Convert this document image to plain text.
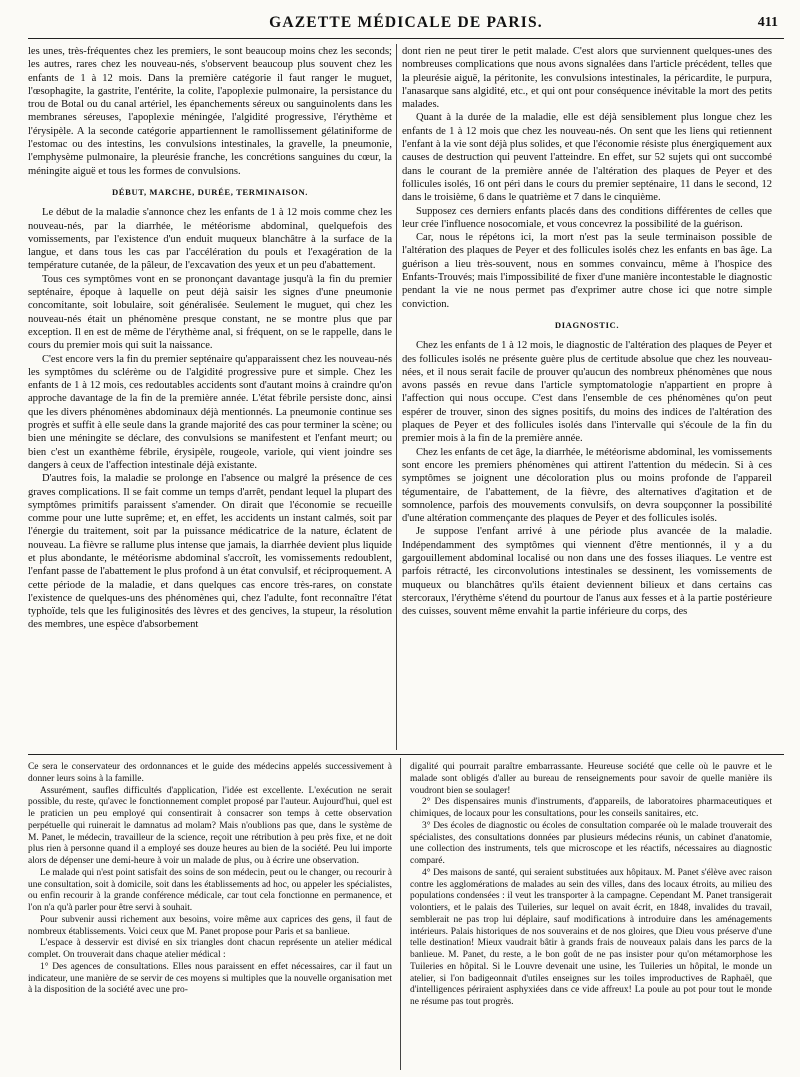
GAZETTE MÉDICALE DE PARIS.	411

les unes, très-fréquentes chez les premiers, le sont beaucoup moins chez les seconds; les autres, rares chez les nouveau-nés, s'observent beaucoup plus souvent chez les enfants de 1 à 12 mois. Dans la première catégorie il faut ranger le muguet, l'œsophagite, la gastrite, l'entérite, la colite, l'apoplexie pulmonaire, la persistance du trou de Botal ou du canal artériel, les épanchements séreux ou sanguinolents dans les membranes séreuses, l'apoplexie méningée, l'algidité progressive, l'érythème et l'érysipèle. A la seconde catégorie appartiennent le ramollissement gélatiniforme de l'estomac ou des intestins, les convulsions intestinales, la gravelle, la pneumonie, l'emphysème pulmonaire, la pleurésie franche, les concrétions sanguines du cœur, la méningite aiguë et tous les formes de convulsions.

DÉBUT, MARCHE, DURÉE, TERMINAISON.

Le début de la maladie s'annonce chez les enfants de 1 à 12 mois comme chez les nouveau-nés, par la diarrhée, le météorisme abdominal, quelquefois des vomissements, par l'existence d'un enduit muqueux blanchâtre à la surface de la langue, et dans tous les cas par l'accélération du pouls et l'exagération de la température cutanée, de la pâleur, de l'excavation des yeux et un peu d'abattement.

Tous ces symptômes vont en se prononçant davantage jusqu'à la fin du premier septénaire, époque à laquelle on peut déjà saisir les signes d'une pneumonie concomitante, soit lobulaire, soit généralisée. Seulement le muguet, qui chez les nouveau-nés était un phénomène presque constant, ne se montre plus que par exception. Il en est de même de l'érythème anal, si fréquent, on se le rappelle, dans le cours du premier mois qui suit la naissance.

C'est encore vers la fin du premier septénaire qu'apparaissent chez les nouveau-nés les symptômes du sclérème ou de l'algidité progressive pure et simple. Chez les enfants de 1 à 12 mois, ces redoutables accidents sont d'autant moins à craindre qu'on approche davantage de la fin de la première année. L'état fébrile persiste donc, ainsi que les divers phénomènes abdominaux déjà mentionnés. La pneumonie continue ses progrès et suffit à elle seule dans la grande majorité des cas pour terminer la scène; ou bien une méningite se déclare, des convulsions se manifestent et l'enfant meurt; ou bien c'est un exanthème fébrile, érysipèle, rougeole, variole, qui vient joindre ses dangers à ceux de l'affection intestinale déjà existante.

D'autres fois, la maladie se prolonge en l'absence ou malgré la présence de ces graves complications. Il se fait comme un temps d'arrêt, pendant lequel la plupart des symptômes primitifs paraissent s'amender. On dirait que l'économie se recueille comme pour une lutte suprême; et, en effet, les accidents un instant calmés, soit par l'énergie du traitement, soit par la puissance médicatrice de la nature, éclatent de nouveau. La fièvre se rallume plus intense que jamais, la diarrhée devient plus liquide et plus abondante, le météorisme abdominal s'accroît, les vomissements redoublent, l'enfant passe de l'abattement le plus profond à un état convulsif, et réciproquement. A cette période de la maladie, et dans quelques cas encore très-rares, on constate l'existence de quelques-uns des phénomènes qui, chez l'adulte, font reconnaître l'état typhoïde, tels que les fuliginosités des lèvres et des gencives, la stupeur, la résolution des membres, une espèce d'absorbement

dont rien ne peut tirer le petit malade. C'est alors que surviennent quelques-unes des nombreuses complications que nous avons signalées dans l'article précédent, telles que la pleurésie aiguë, la péritonite, les convulsions intestinales, la péricardite, le purpura, l'anasarque sans algidité, etc., et qui ont pour conséquence inévitable la mort des petits malades.

Quant à la durée de la maladie, elle est déjà sensiblement plus longue chez les enfants de 1 à 12 mois que chez les nouveau-nés. On sent que les liens qui retiennent l'enfant à la vie sont déjà plus solides, et que l'économie résiste plus énergiquement aux causes de destruction qui peuvent l'atteindre. En effet, sur 52 sujets qui ont succombé dans le courant de la première année de l'altération des plaques de Peyer et des follicules isolés, 16 ont péri dans le cours du premier septénaire, 11 dans le second, 12 dans le troisième, 6 dans le quatrième et 7 dans le cinquième.

Supposez ces derniers enfants placés dans des conditions différentes de celles que leur crée l'influence nosocomiale, et vous concevrez la possibilité de la guérison.

Car, nous le répétons ici, la mort n'est pas la seule terminaison possible de l'altération des plaques de Peyer et des follicules isolés chez les enfants en bas âge. La guérison a lieu très-souvent, nous en sommes convaincu, même à l'hospice des Enfants-Trouvés; mais l'impossibilité de fixer d'une manière incontestable le diagnostic pendant la vie ne nous permet pas d'exprimer autre chose ici que notre simple conviction.

DIAGNOSTIC.

Chez les enfants de 1 à 12 mois, le diagnostic de l'altération des plaques de Peyer et des follicules isolés ne présente guère plus de certitude absolue que chez les nouveau-nées, et il nous serait facile de prouver qu'aucun des nombreux phénomènes que nous avons passés en revue dans l'article symptomatologie n'appartient en propre à l'affection qui nous occupe. C'est dans l'ensemble de ces phénomènes qu'on peut espérer de trouver, sinon des signes positifs, du moins des indices de l'altération des plaques de Peyer et des follicules isolés dans l'intervalle qui s'écoule de la fin du premier mois à la fin de la première année.

Chez les enfants de cet âge, la diarrhée, le météorisme abdominal, les vomissements sont encore les premiers phénomènes qui attirent l'attention du médecin. Si à ces symptômes se joignent une décoloration plus ou moins profonde de l'appareil tégumentaire, de l'abattement, de la fièvre, des alternatives d'agitation et de somnolence, parfois des mouvements convulsifs, on devra soupçonner la possibilité d'une altération commençante des plaques de Peyer et des follicules isolés.

Je suppose l'enfant arrivé à une période plus avancée de la maladie. Indépendamment des symptômes qui viennent d'être mentionnés, il y a du gargouillement abdominal localisé ou non dans une des fosses iliaques. Le ventre est parfois rétracté, les circonvolutions intestinales se dessinent, les vomissements de muqueux ou blanchâtres qu'ils étaient deviennent bilieux et dans certains cas stercoraux, l'érythème s'étend du pourtour de l'anus aux fesses et à la partie postérieure des cuisses, souvent même envahit la partie inférieure du corps, des

Ce sera le conservateur des ordonnances et le guide des médecins appelés successivement à donner leurs soins à la famille.

Assurément, saufles difficultés d'application, l'idée est excellente. L'exécution ne serait possible, du reste, qu'avec le fonctionnement complet proposé par l'auteur. Aujourd'hui, quel est le praticien un peu employé qui consentirait à consacrer son temps à cette observation perpétuelle qui ruinerait le damnatus ad molam? Mais n'oublions pas que, dans le système de M. Panet, le médecin, travailleur de la science, reçoit une rétribution à peu près fixe, et ne doit plus rien à personne quand il a employé ses douze heures au bien de la société. Peu lui importe alors de dépenser une demi-heure à voir un malade de plus, ou à écrire une observation.

Le malade qui n'est point satisfait des soins de son médecin, peut ou le changer, ou recourir à une consultation, soit à domicile, soit dans les établissements ad hoc, ou appeler les spécialistes, ou enfin recourir à la grande conférence médicale, car tout cela fonctionne en permanence, et l'on n'a qu'à parler pour être servi à souhait.

Pour subvenir aussi richement aux besoins, voire même aux caprices des gens, il faut de nombreux établissements. Voici ceux que M. Panet propose pour Paris et sa banlieue.

L'espace à desservir est divisé en six triangles dont chacun représente un atelier médical complet. On trouverait dans chaque atelier médical :

1° Des agences de consultations. Elles nous paraissent en effet nécessaires, car il faut un indicateur, une manière de se servir de ces moyens si multiples que la nouvelle organisation met à la disposition de la société avec une pro-

digalité qui pourrait paraître embarrassante. Heureuse société que celle où le pauvre et le malade sont obligés d'aller au bureau de renseignements pour savoir de quelle manière ils voudront bien se soulager!

2° Des dispensaires munis d'instruments, d'appareils, de laboratoires pharmaceutiques et chimiques, de locaux pour les consultations, pour les conseils sanitaires, etc.

3° Des écoles de diagnostic ou écoles de consultation comparée où le malade trouverait des spécialistes, des consultations données par plusieurs médecins réunis, un cabinet d'anatomie, une collection des instruments, tels que microscope et les réactifs, nécessaires au diagnostic comparé.

4° Des maisons de santé, qui seraient substituées aux hôpitaux. M. Panet s'élève avec raison contre les agglomérations de malades au sein des villes, dans des locaux étroits, au milieu des populations condensées : il veut les transporter à la campagne. Cependant M. Panet transigerait volontiers, et le palais des Tuileries, sur lequel on avait écrit, en 1848, invalides du travail, semblerait ne pas trop lui déplaire, sauf modifications à introduire dans les aménagements intérieurs. Palais historiques de nos souverains et de nos gloires, que Dieu vous préserve d'une telle destination! Mieux vaudrait bâtir à grands frais de nouveaux palais dans les parcs de la banlieue. M. Panet, du reste, a le bon goût de ne pas insister pour qu'on métamorphose les Tuileries en hôpital. Si le Louvre devenait une usine, les Tuileries un hôpital, le monde un atelier, si l'on badigeonnait d'utiles enseignes sur les toiles improductives de Raphaël, que d'intelligences périraient asphyxiées dans ce vide affreux! La poule au pot pour tout le monde ne résume pas tout progrès.
